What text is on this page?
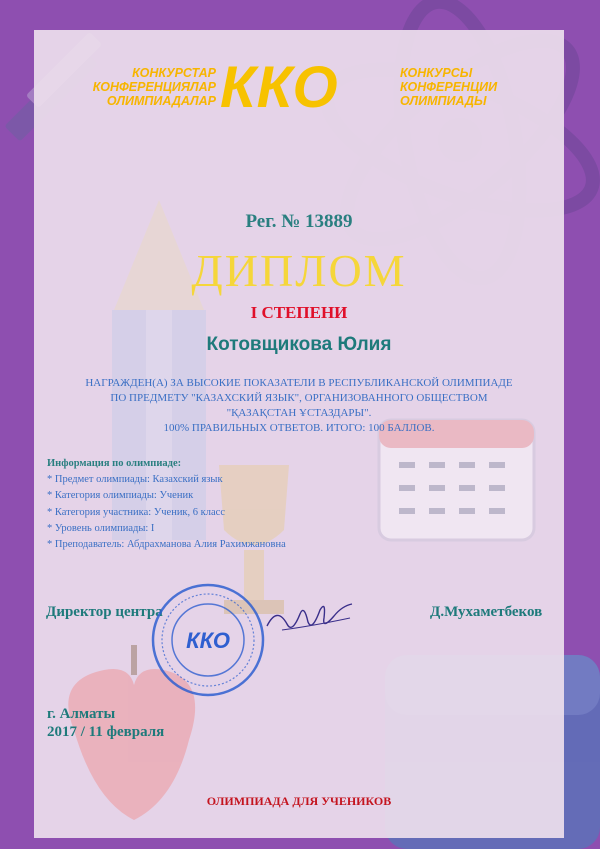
КОНКУРСТАР
КОНФЕРЕНЦИЯЛАР
ОЛИМПИАДАЛАР ККО	КОНКУРСЫ
КОНФЕРЕНЦИИ
ОЛИМПИАДЫ
Рег. № 13889
ДИПЛОМ
I СТЕПЕНИ
Котовщикова Юлия
НАГРАЖДЕН(А) ЗА ВЫСОКИЕ ПОКАЗАТЕЛИ В РЕСПУБЛИКАНСКОЙ ОЛИМПИАДЕ
ПО ПРЕДМЕТУ "КАЗАХСКИЙ ЯЗЫК", ОРГАНИЗОВАННОГО ОБЩЕСТВОМ
"ҚАЗАҚСТАН ҰСТАЗДАРЫ".
100% ПРАВИЛЬНЫХ ОТВЕТОВ. ИТОГО: 100 БАЛЛОВ.
Информация по олимпиаде:
* Предмет олимпиады: Казахский язык
* Категория олимпиады: Ученик
* Категория участника: Ученик, 6 класс
* Уровень олимпиады: I
* Преподаватель: Абдрахманова Алия Рахимжановна
Директор центра	Д.Мухаметбеков
ККО
г. Алматы
2017 / 11 февраля
ОЛИМПИАДА ДЛЯ УЧЕНИКОВ
